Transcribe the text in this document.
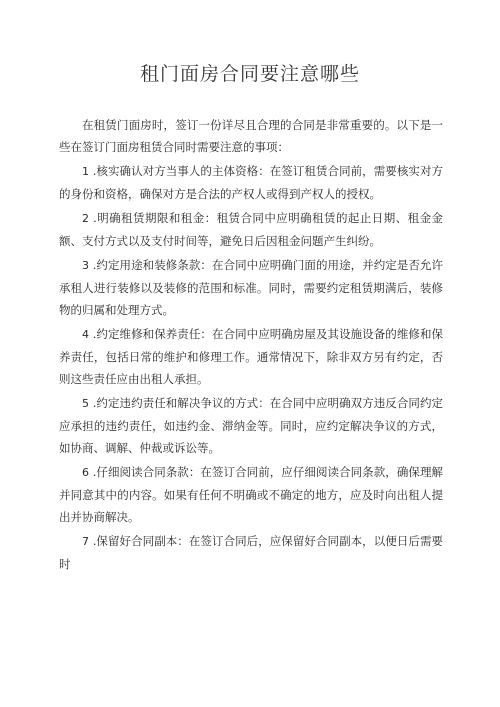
租门面房合同要注意哪些

在租赁门面房时，签订一份详尽且合理的合同是非常重要的。以下是一些在签订门面房租赁合同时需要注意的事项：

1 .核实确认对方当事人的主体资格：在签订租赁合同前，需要核实对方的身份和资格，确保对方是合法的产权人或得到产权人的授权。

2 .明确租赁期限和租金：租赁合同中应明确租赁的起止日期、租金金额、支付方式以及支付时间等，避免日后因租金问题产生纠纷。

3 .约定用途和装修条款：在合同中应明确门面的用途，并约定是否允许承租人进行装修以及装修的范围和标准。同时，需要约定租赁期满后，装修物的归属和处理方式。

4 .约定维修和保养责任：在合同中应明确房屋及其设施设备的维修和保养责任，包括日常的维护和修理工作。通常情况下，除非双方另有约定，否则这些责任应由出租人承担。

5 .约定违约责任和解决争议的方式：在合同中应明确双方违反合同约定应承担的违约责任，如违约金、滞纳金等。同时，应约定解决争议的方式，如协商、调解、仲裁或诉讼等。

6 .仔细阅读合同条款：在签订合同前，应仔细阅读合同条款，确保理解并同意其中的内容。如果有任何不明确或不确定的地方，应及时向出租人提出并协商解决。

7 .保留好合同副本：在签订合同后，应保留好合同副本，以便日后需要时
